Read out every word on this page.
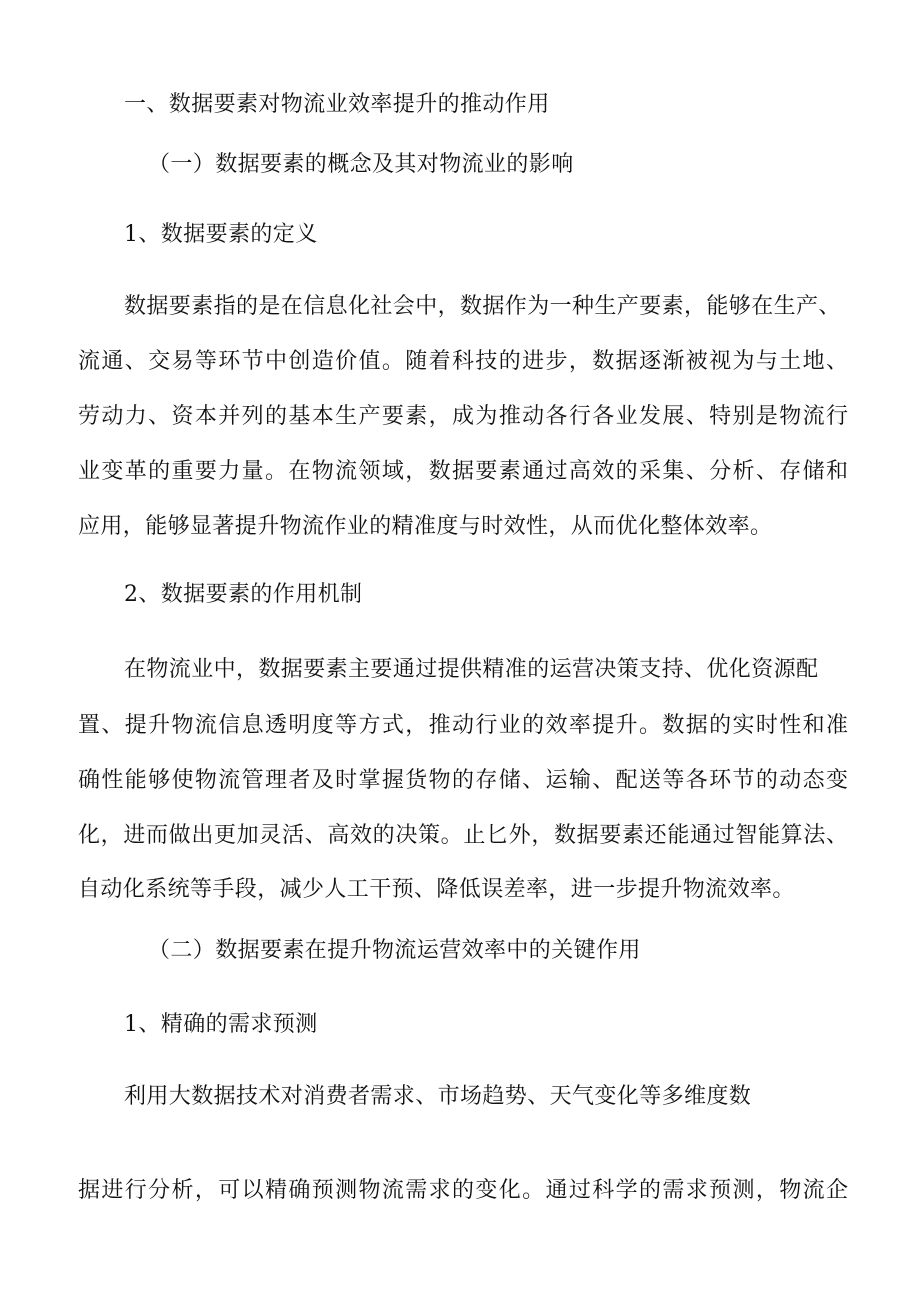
一、数据要素对物流业效率提升的推动作用
（一）数据要素的概念及其对物流业的影响
1、数据要素的定义
数据要素指的是在信息化社会中，数据作为一种生产要素，能够在生产、
流通、交易等环节中创造价值。随着科技的进步，数据逐渐被视为与土地、
劳动力、资本并列的基本生产要素，成为推动各行各业发展、特别是物流行
业变革的重要力量。在物流领域，数据要素通过高效的采集、分析、存储和
应用，能够显著提升物流作业的精准度与时效性，从而优化整体效率。
2、数据要素的作用机制
在物流业中，数据要素主要通过提供精准的运营决策支持、优化资源配
置、提升物流信息透明度等方式，推动行业的效率提升。数据的实时性和准
确性能够使物流管理者及时掌握货物的存储、运输、配送等各环节的动态变
化，进而做出更加灵活、高效的决策。止匕外，数据要素还能通过智能算法、
自动化系统等手段，减少人工干预、降低误差率，进一步提升物流效率。
（二）数据要素在提升物流运营效率中的关键作用
1、精确的需求预测
利用大数据技术对消费者需求、市场趋势、天气变化等多维度数
据进行分析，可以精确预测物流需求的变化。通过科学的需求预测，物流企
